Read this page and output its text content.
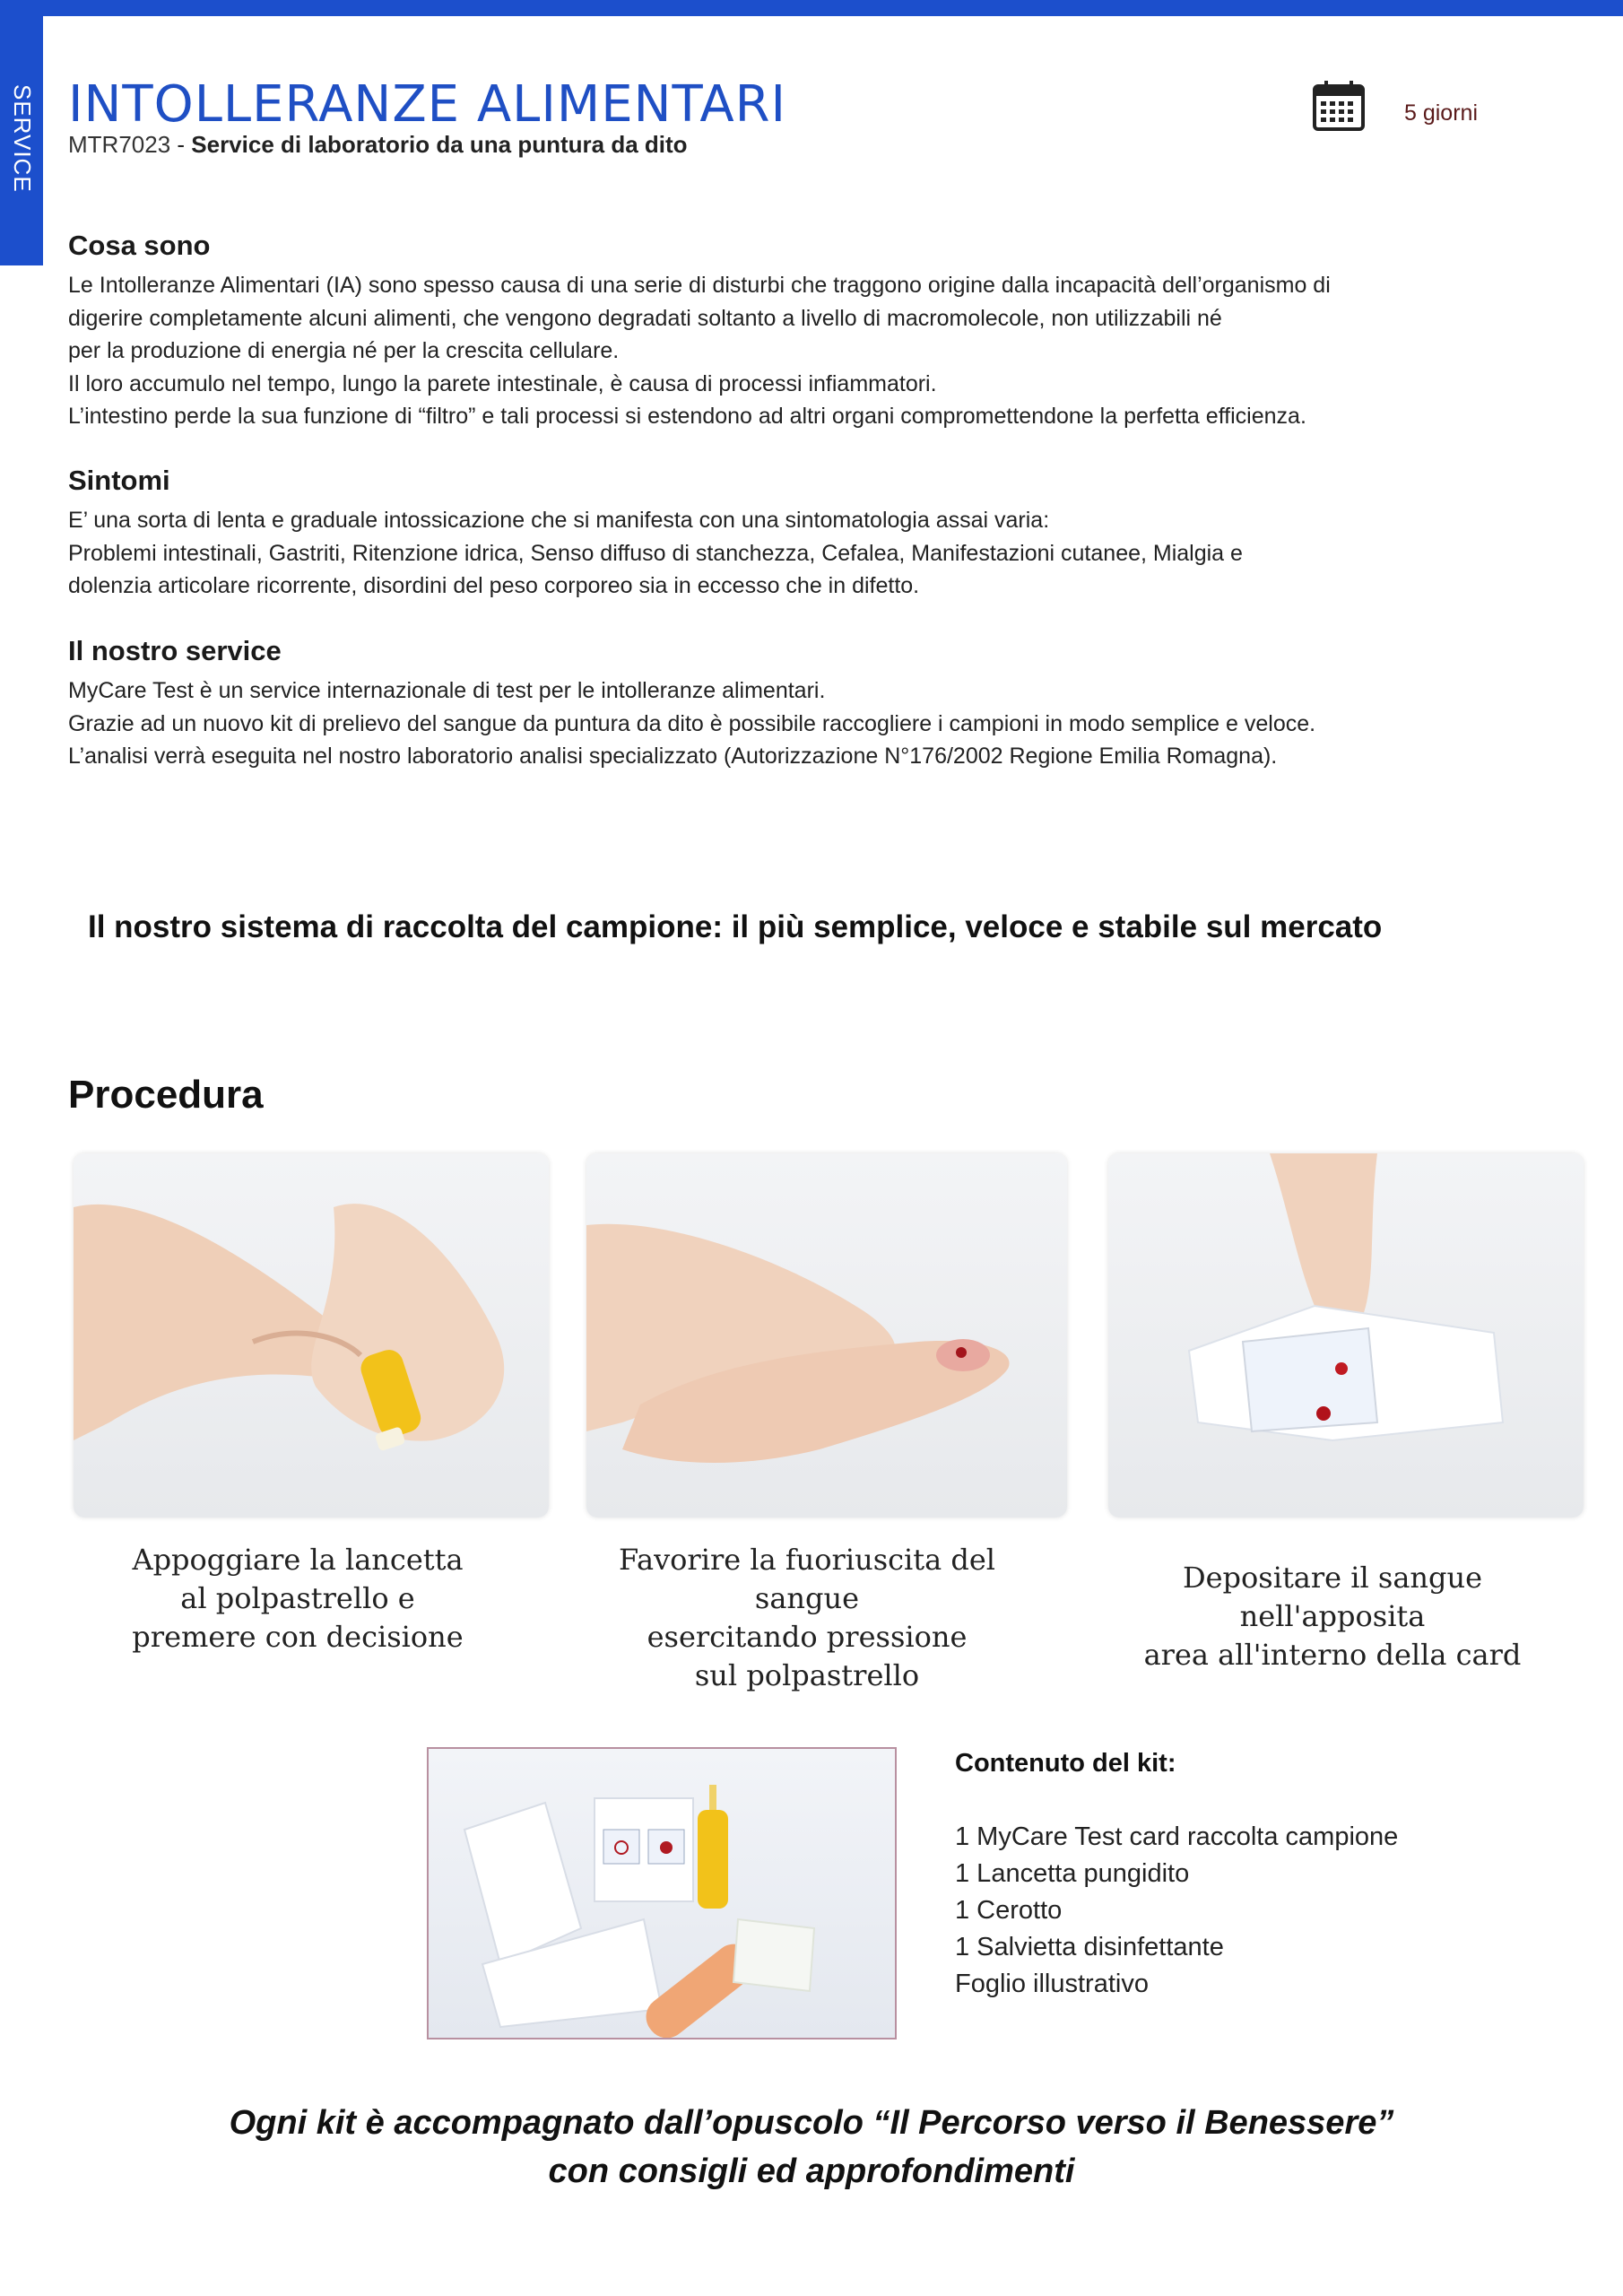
SERVICE INTOLLERANZE ALIMENTARI
MTR7023 - Service di laboratorio da una puntura da dito
5 giorni
Cosa sono

Le Intolleranze Alimentari (IA) sono spesso causa di una serie di disturbi che traggono origine dalla incapacità dell’organismo di

digerire completamente alcuni alimenti, che vengono degradati soltanto a livello di macromolecole, non utilizzabili né

per la produzione di energia né per la crescita cellulare.

Il loro accumulo nel tempo, lungo la parete intestinale, è causa di processi infiammatori.

L’intestino perde la sua funzione di “filtro” e tali processi si estendono ad altri organi compromettendone la perfetta efficienza.

Sintomi

E’ una sorta di lenta e graduale intossicazione che si manifesta con una sintomatologia assai varia:

Problemi intestinali, Gastriti, Ritenzione idrica, Senso diffuso di stanchezza, Cefalea, Manifestazioni cutanee, Mialgia e

dolenzia articolare ricorrente, disordini del peso corporeo sia in eccesso che in difetto.

Il nostro service

MyCare Test è un service internazionale di test per le intolleranze alimentari.

Grazie ad un nuovo kit di prelievo del sangue da puntura da dito è possibile raccogliere i campioni in modo semplice e veloce.

L’analisi verrà eseguita nel nostro laboratorio analisi specializzato (Autorizzazione N°176/2002 Regione Emilia Romagna).

Il nostro sistema di raccolta del campione: il più semplice, veloce e stabile sul mercato
Procedura
Appoggiare la lancetta
al polpastrello e
premere con decisione
Favorire la fuoriuscita del sangue
esercitando pressione
sul polpastrello
Depositare il sangue nell'apposita
area all'interno della card
Contenuto del kit:
1 MyCare Test card raccolta campione
1 Lancetta pungidito
1 Cerotto
1 Salvietta disinfettante
Foglio illustrativo
Ogni kit è accompagnato dall’opuscolo “Il Percorso verso il Benessere”
con consigli ed approfondimenti
